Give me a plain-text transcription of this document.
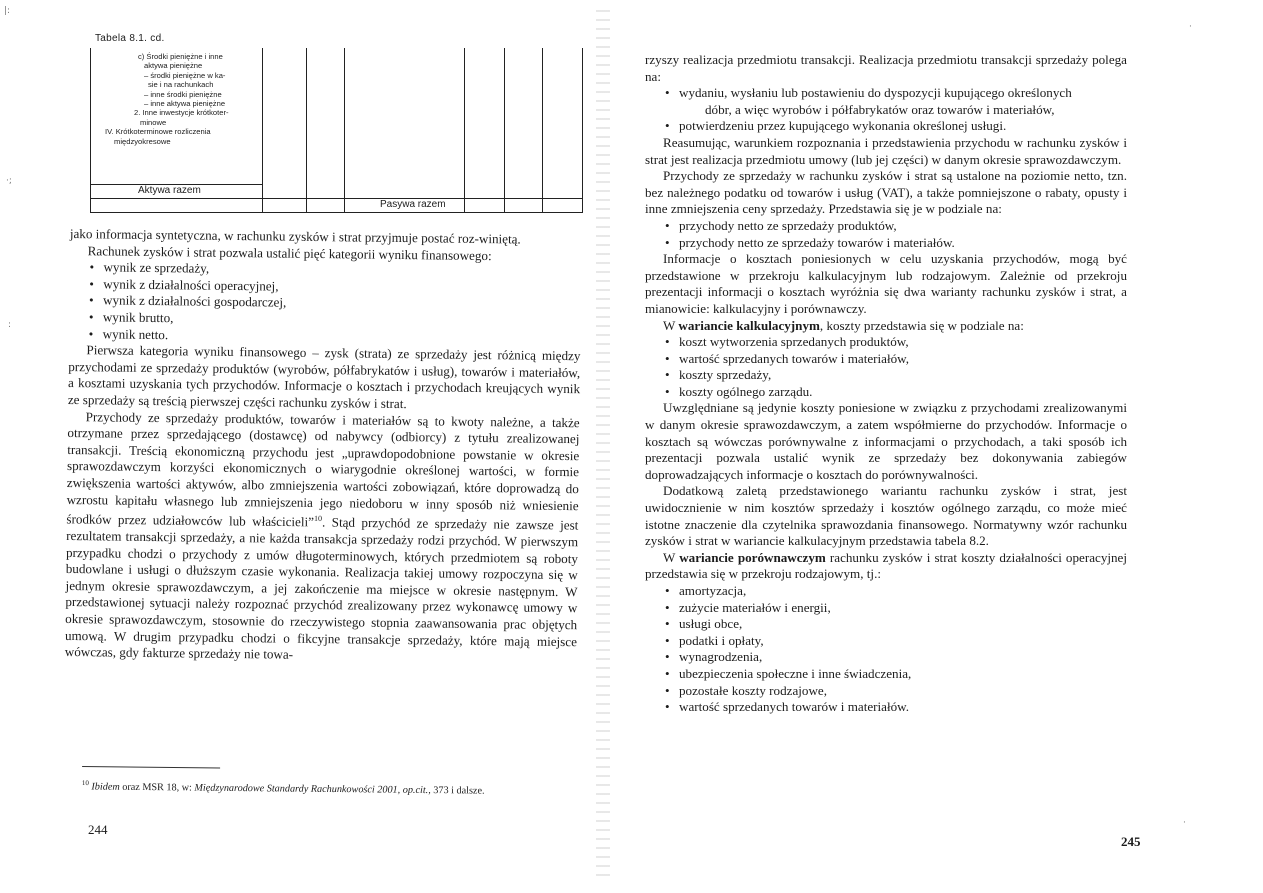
Tabela 8.1. cd.
c) Środki pieniężne i inne
aktywa pieniężne
– środki pieniężne w ka-
sie i na rachunkach
– inne środki pieniężne
– inne aktywa pieniężne
2. Inne inwestycje krótkoter-
minowe
IV. Krótkoterminowe rozliczenia
międzyokresowe
Aktywa razem
Pasywa razem

jako informacja syntetyczna, w rachunku zysków i strat przyjmuje postać roz-winiętą.

Rachunek zysków i strat pozwala ustalić pięć kategorii wyniku finansowego:

• wynik ze sprzedaży,
• wynik z działalności operacyjnej,
• wynik z działalności gospodarczej,
• wynik brutto,
• wynik netto.

Pierwsza kategoria wyniku finansowego – zysk (strata) ze sprzedaży jest różnicą między przychodami ze sprzedaży produktów (wyrobów, półfabrykatów i usług), towarów i materiałów, a kosztami uzyskania tych przychodów. Informacje o kosztach i przychodach kreujących wynik ze sprzedaży są treścią pierwszej części rachunku zysków i strat.

Przychody ze sprzedaży produktów, towarów i materiałów są to kwoty należne, a także otrzymane przez sprzedającego (dostawcę) od nabywcy (odbiorcy) z tytułu zrealizowanej transakcji. Treścią ekonomiczną przychodu jest „uprawdopodobnione powstanie w okresie sprawozdawczym korzyści ekonomicznych o wiarygodnie określonej wartości, w formie zwiększenia wartości aktywów, albo zmniejszenia wartości zobowiązań, które doprowadzą do wzrostu kapitału własnego lub zmniejszenia jego niedoboru w inny sposób niż wniesienie środków przez udziałowców lub właścicieli”$^{10}$. Stąd przychód ze sprzedaży nie zawsze jest rezultatem transakcji sprzedaży, a nie każda transakcja sprzedaży rodzi przychód. W pierwszym przypadku chodzi o przychody z umów długoterminowych, których przedmiotem są roboty budowlane i usługi o dłuższym czasie wykonania. Realizacja takiej umowy rozpoczyna się w jednym okresie sprawozdawczym, a jej zakończenie ma miejsce w okresie następnym. W przedstawionej sytuacji należy rozpoznać przychód zrealizowany przez wykonawcę umowy w okresie sprawozdawczym, stosownie do rzeczywistego stopnia zaawansowania prac objętych umową. W drugim przypadku chodzi o fikcyjne transakcje sprzedaży, które mają miejsce wówczas, gdy fakturze sprzedaży nie towa-

$^{10}$ Ibidem oraz MSR 18, w: Międzynarodowe Standardy Rachunkowości 2001, op.cit., 373 i dalsze.
244
|:
·;
:

rzyszy realizacja przedmiotu transakcji. Realizacja przedmiotu transakcji sprzedaży polega na:

• wydaniu, wysłaniu lub postawieniu do dyspozycji kupującego określonych
dóbr, a więc wyrobów i półfabrykatów oraz towarów i materiałów,
• potwierdzeniu przez kupującego wykonania określonej usługi.

Reasumując, warunkiem rozpoznania i przedstawienia przychodu w rachunku zysków i strat jest realizacja przedmiotu umowy (lub jej części) w danym okresie sprawozdawczym.

Przychody ze sprzedaży w rachunku zysków i strat są ustalone na poziomie netto, tzn. bez należnego podatku od towarów i usług (VAT), a także pomniejszone o rabaty, opusty i inne zmniejszenia ceny sprzedaży. Przedstawia się je w podziale na:

• przychody netto ze sprzedaży produktów,
• przychody netto ze sprzedaży towarów i materiałów.

Informacje o kosztach poniesionych w celu uzyskania przychodów, mogą być przedstawione w przekroju kalkulacyjnym lub rodzajowym. Zależnie od przekroju prezentacji informacji o kosztach wyróżnia się dwa warianty rachunku zysków i strat, a mianowicie: kalkulacyjny i porównawczy.

W wariancie kalkulacyjnym, koszty przedstawia się w podziale na:

• koszt wytworzenia sprzedanych produktów,
• wartość sprzedanych towarów i materiałów,
• koszty sprzedaży,
• koszty ogólnego zarządu.

Uwzględniane są jedynie koszty poniesione w związku z przychodami zrealizowanymi w danym okresie sprawozdawczym, a zatem współmierne do przychodów. Informacje o kosztach są wówczas porównywalne z informacjami o przychodach, a taki sposób ich prezentacji pozwala ustalić wynik ze sprzedaży bez dokonywania zabiegów doprowadzających informacje o kosztach do porównywalności.

Dodatkową zaletą przedstawionego wariantu rachunku zysków i strat, jest uwidocznienie w nim kosztów sprzedaży i kosztów ogólnego zarządu, co może mieć istotne znaczenie dla czytelnika sprawozdania finansowego. Normatywny wzór rachunku zysków i strat w wariancie kalkulacyjnym przedstawia tabela 8.2.

W wariancie porównawczym rachunku zysków i strat koszty działalności operacyjnej przedstawia się w przekroju rodzajowym, tj.:

• amortyzacja,
• zużycie materiałów i energii,
• usługi obce,
• podatki i opłaty,
• wynagrodzenia,
• ubezpieczenia społeczne i inne świadczenia,
• pozostałe koszty rodzajowe,
• wartość sprzedanych towarów i materiałów.
245
·
·
